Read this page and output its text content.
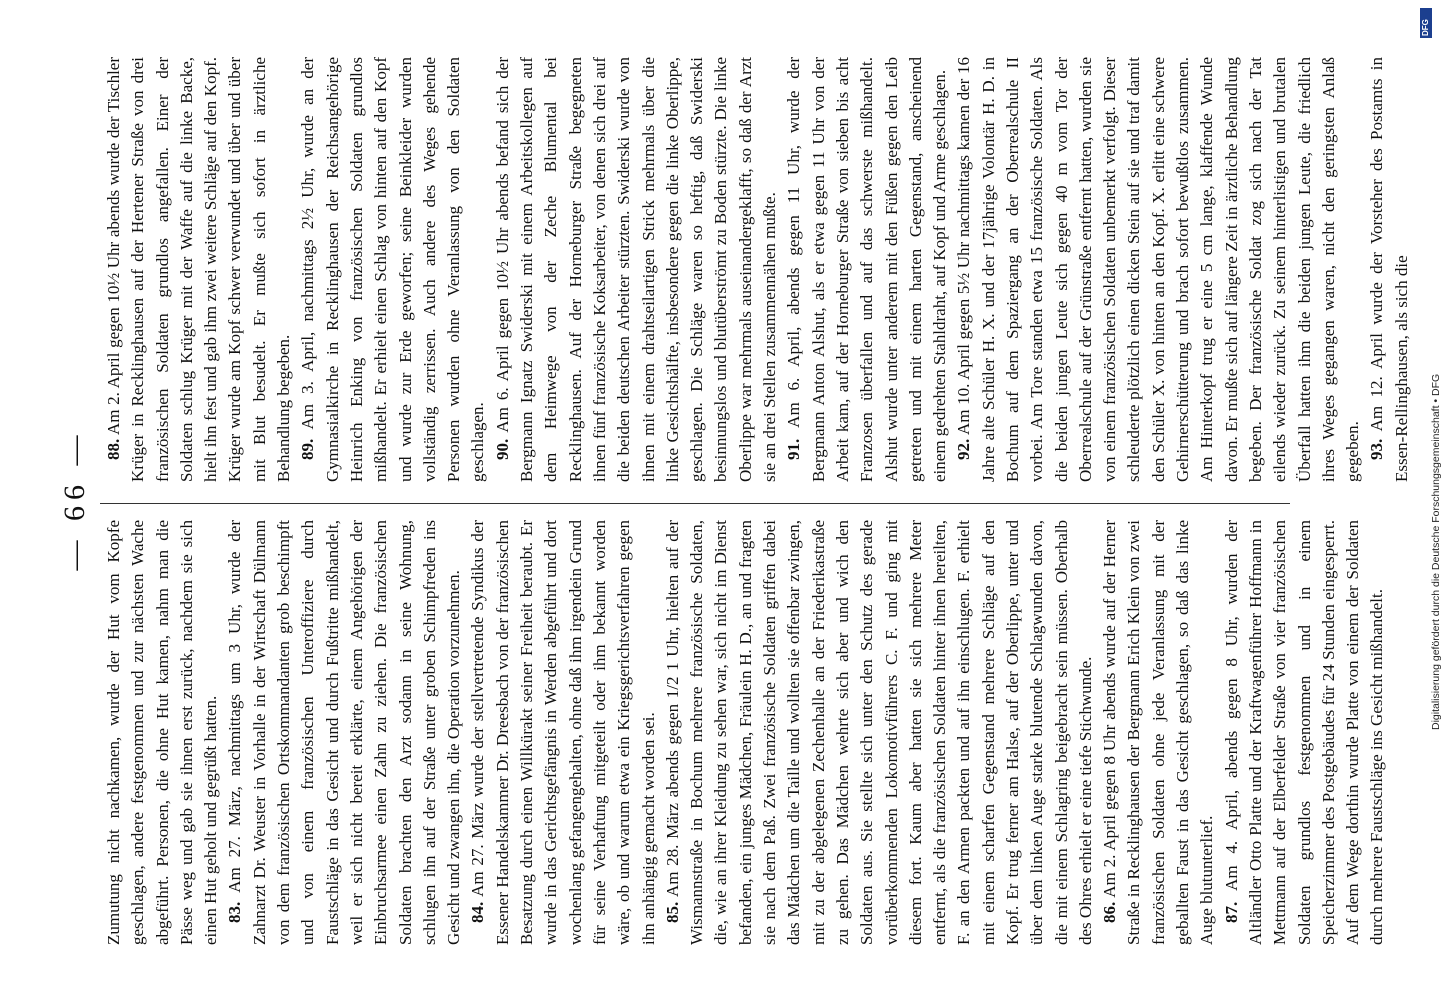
— 66 —

Zumutung nicht nachkamen, wurde der Hut vom Kopfe geschlagen, andere festgenommen und zur nächsten Wache abgeführt. Personen, die ohne Hut kamen, nahm man die Pässe weg und gab sie ihnen erst zurück, nachdem sie sich einen Hut geholt und gegrüßt hatten. 83. Am 27. März, nachmittags um 3 Uhr, wurde der Zahnarzt Dr. Weuster in Vorhalle in der Wirtschaft Dülmann von dem französischen Ortskommandanten grob beschimpft und von einem französischen Unteroffiziere durch Faustschläge in das Gesicht und durch Fußtritte mißhandelt, weil er sich nicht bereit erklärte, einem Angehörigen der Einbruchsarmee einen Zahn zu ziehen. Die französischen Soldaten brachten den Arzt sodann in seine Wohnung, schlugen ihn auf der Straße unter groben Schimpfreden ins Gesicht und zwangen ihn, die Operation vorzunehmen. 84. Am 27. März wurde der stellvertretende Syndikus der Essener Handelskammer Dr. Dreesbach von der französischen Besatzung durch einen Willkürakt seiner Freiheit beraubt. Er wurde in das Gerichtsgefängnis in Werden abgeführt und dort wochenlang gefangengehalten, ohne daß ihm irgendein Grund für seine Verhaftung mitgeteilt oder ihm bekannt worden wäre, ob und warum etwa ein Kriegsgerichtsverfahren gegen ihn anhängig gemacht worden sei. 85. Am 28. März abends gegen 1/2 1 Uhr, hielten auf der Wismannstraße in Bochum mehrere französische Soldaten, die, wie an ihrer Kleidung zu sehen war, sich nicht im Dienst befanden, ein junges Mädchen, Fräulein H. D., an und fragten sie nach dem Paß. Zwei französische Soldaten griffen dabei das Mädchen um die Taille und wollten sie offenbar zwingen, mit zu der abgelegenen Zechenhalle an der Friederikastraße zu gehen. Das Mädchen wehrte sich aber und wich den Soldaten aus. Sie stellte sich unter den Schutz des gerade vorüberkommenden Lokomotivführers C. F. und ging mit diesem fort. Kaum aber hatten sie sich mehrere Meter entfernt, als die französischen Soldaten hinter ihnen hereilten, F. an den Armen packten und auf ihn einschlugen. F. erhielt mit einem scharfen Gegenstand mehrere Schläge auf den Kopf. Er trug ferner am Halse, auf der Oberlippe, unter und über dem linken Auge starke blutende Schlagwunden davon, die mit einem Schlagring beigebracht sein müssen. Oberhalb des Ohres erhielt er eine tiefe Stichwunde. 86. Am 2. April gegen 8 Uhr abends wurde auf der Herner Straße in Recklinghausen der Bergmann Erich Klein von zwei französischen Soldaten ohne jede Veranlassung mit der geballten Faust in das Gesicht geschlagen, so daß das linke Auge blutunterlief. 87. Am 4. April, abends gegen 8 Uhr, wurden der Altländler Otto Platte und der Kraftwagenführer Hoffmann in Mettmann auf der Elberfelder Straße von vier französischen Soldaten grundlos festgenommen und in einem Speicherzimmer des Postgebäudes für 24 Stunden eingesperrt. Auf dem Wege dorthin wurde Platte von einem der Soldaten durch mehrere Faustschläge ins Gesicht mißhandelt.

88. Am 2. April gegen 10½ Uhr abends wurde der Tischler Krüger in Recklinghausen auf der Hertener Straße von drei französischen Soldaten grundlos angefallen. Einer der Soldaten schlug Krüger mit der Waffe auf die linke Backe, hielt ihn fest und gab ihm zwei weitere Schläge auf den Kopf. Krüger wurde am Kopf schwer verwundet und über und über mit Blut besudelt. Er mußte sich sofort in ärztliche Behandlung begeben. 89. Am 3. April, nachmittags 2½ Uhr, wurde an der Gymnasialkirche in Recklinghausen der Reichsangehörige Heinrich Enking von französischen Soldaten grundlos mißhandelt. Er erhielt einen Schlag von hinten auf den Kopf und wurde zur Erde geworfen; seine Beinkleider wurden vollständig zerrissen. Auch andere des Weges gehende Personen wurden ohne Veranlassung von den Soldaten geschlagen. 90. Am 6. April gegen 10½ Uhr abends befand sich der Bergmann Ignatz Swiderski mit einem Arbeitskollegen auf dem Heimwege von der Zeche Blumental bei Recklinghausen. Auf der Horneburger Straße begegneten ihnen fünf französische Koksarbeiter, von denen sich drei auf die beiden deutschen Arbeiter stürzten. Swiderski wurde von ihnen mit einem drahtseilartigen Strick mehrmals über die linke Gesichtshälfte, insbesondere gegen die linke Oberlippe, geschlagen. Die Schläge waren so heftig, daß Swiderski besinnungslos und blutüberströmt zu Boden stürzte. Die linke Oberlippe war mehrmals auseinandergeklafft, so daß der Arzt sie an drei Stellen zusammennähen mußte. 91. Am 6. April, abends gegen 11 Uhr, wurde der Bergmann Anton Alshut, als er etwa gegen 11 Uhr von der Arbeit kam, auf der Horneburger Straße von sieben bis acht Franzosen überfallen und auf das schwerste mißhandelt. Alshut wurde unter anderem mit den Füßen gegen den Leib getreten und mit einem harten Gegenstand, anscheinend einem gedrehten Stahldraht, auf Kopf und Arme geschlagen. 92. Am 10. April gegen 5½ Uhr nachmittags kamen der 16 Jahre alte Schüler H. X. und der 17jährige Volontär H. D. in Bochum auf dem Spaziergang an der Oberrealschule II vorbei. Am Tore standen etwa 15 französische Soldaten. Als die beiden jungen Leute sich gegen 40 m vom Tor der Oberrealschule auf der Grünstraße entfernt hatten, wurden sie von einem französischen Soldaten unbemerkt verfolgt. Dieser schleuderte plötzlich einen dicken Stein auf sie und traf damit den Schüler X. von hinten an den Kopf. X. erlitt eine schwere Gehirnerschütterung und brach sofort bewußtlos zusammen. Am Hinterkopf trug er eine 5 cm lange, klaffende Wunde davon. Er mußte sich auf längere Zeit in ärztliche Behandlung begeben. Der französische Soldat zog sich nach der Tat eilends wieder zurück. Zu seinem hinterlistigen und brutalen Überfall hatten ihm die beiden jungen Leute, die friedlich ihres Weges gegangen waren, nicht den geringsten Anlaß gegeben. 93. Am 12. April wurde der Vorsteher des Postamts in Essen-Rellinghausen, als sich die

Digitalisierung gefördert durch die Deutsche Forschungsgemeinschaft • DFG
DFG
